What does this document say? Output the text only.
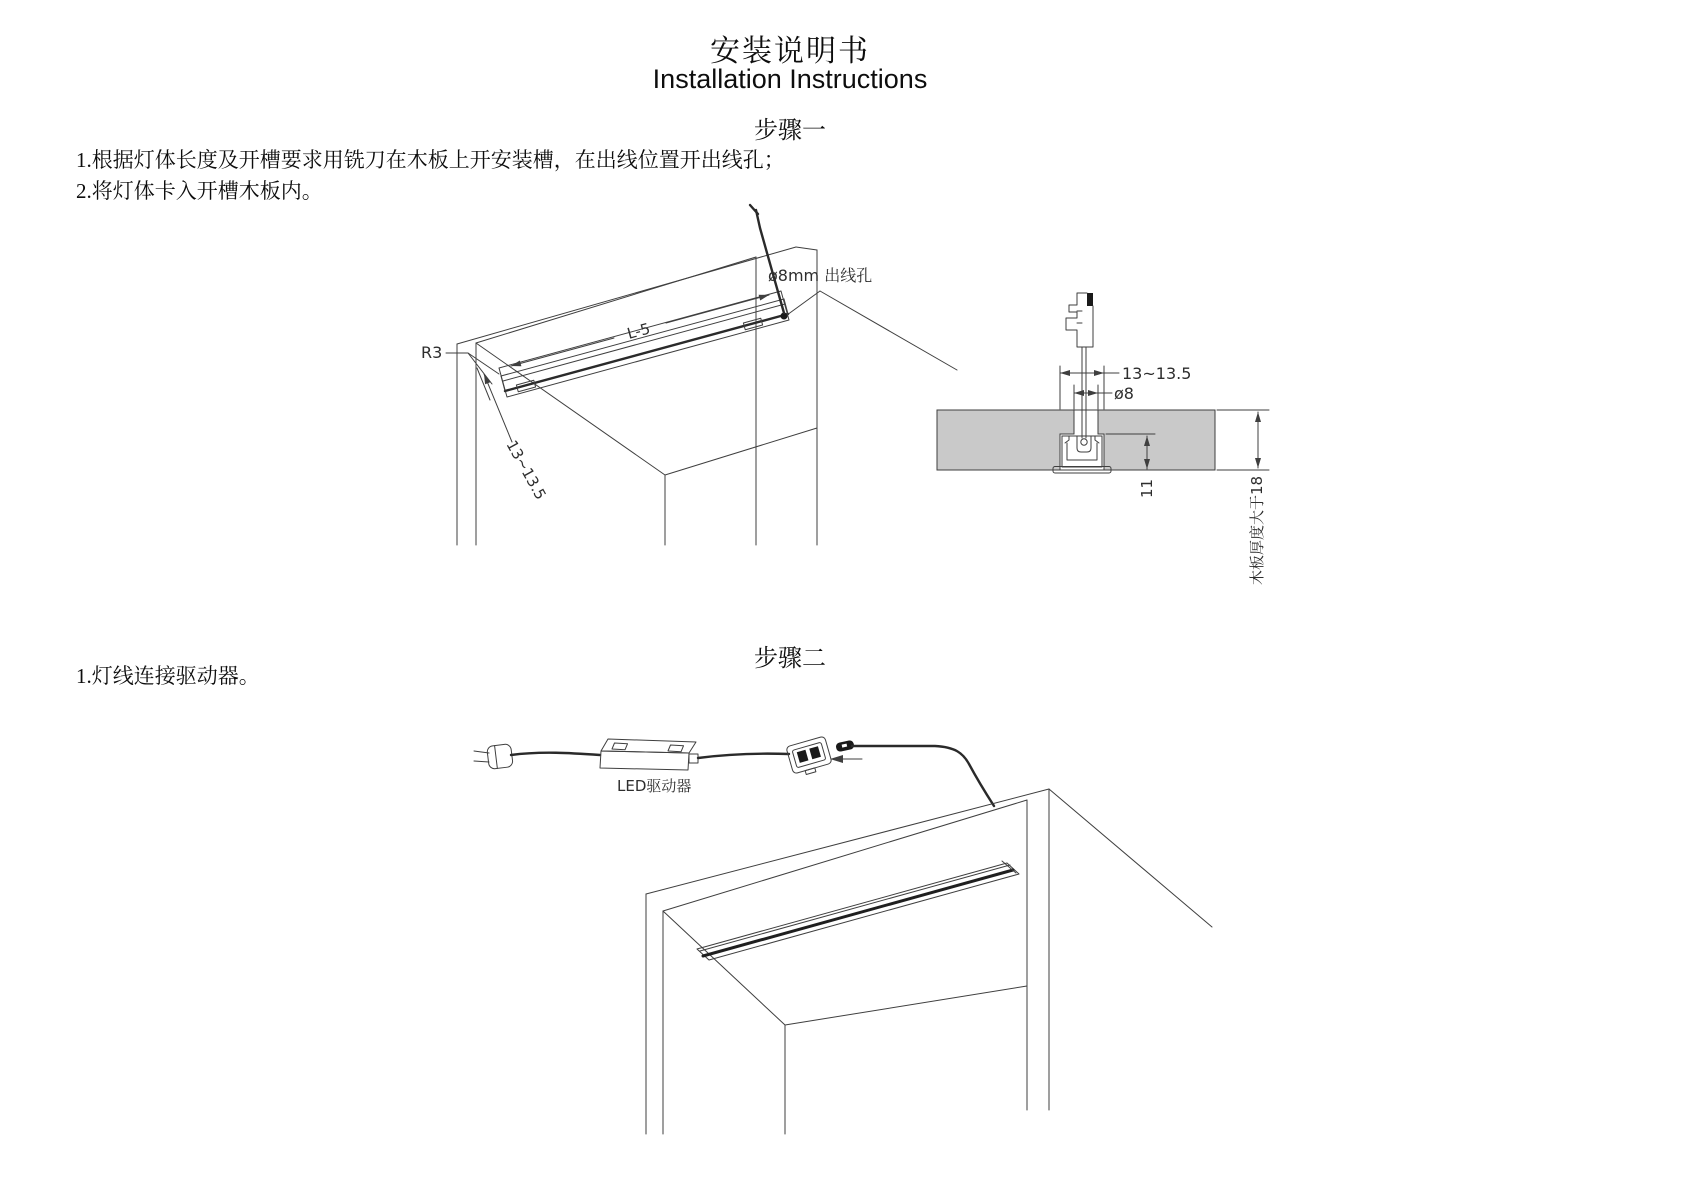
安装说明书
Installation Instructions
步骤一
1.根据灯体长度及开槽要求用铣刀在木板上开安装槽，在出线位置开出线孔；
2.将灯体卡入开槽木板内。
步骤二
1.灯线连接驱动器。
L-5
13~13.5
R3
ø8mm 出线孔
13~13.5
ø8
11	木板厚度大于18
LED驱动器
